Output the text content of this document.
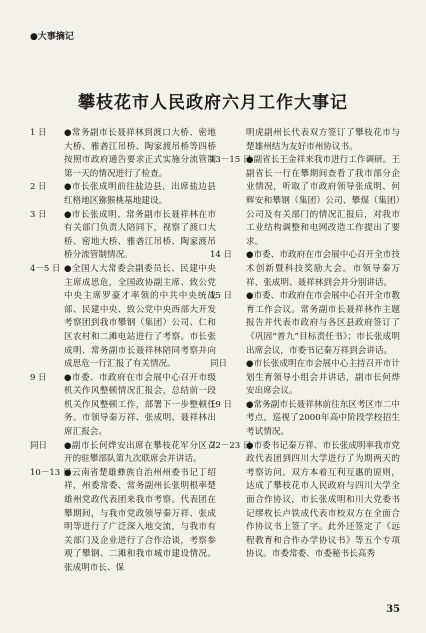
●大事摘记
攀枝花市人民政府六月工作大事记
1 日	●常务副市长聂祥林到渡口大桥、密地大桥、雅砻江吊桥、陶家渡吊桥等四桥按照市政府通告要求正式实施分流管制第一天的情况进行了检查。
2 日	●市长张成明前往盐边县，出席盐边县红格地区猕猴桃基地建设。
3 日	●市长张成明、常务副市长聂祥林在市有关部门负责人陪同下，视察了渡口大桥、密地大桥、雅砻江吊桥、陶家渡吊桥分流管制情况。
4－5 日 ●全国人大常委会副委员长、民建中央主席成思危，全国政协副主席、致公党中央主席罗豪才率领的中共中央统战部、民建中央、致公党中央西部大开发考察团到我市攀钢（集团）公司、仁和区农村和二滩电站进行了考察。市长张成明、常务副市长聂祥林陪同考察并向成思危一行汇报了有关情况。
9 日	●市委、市政府在市会展中心召开市级机关作风整顿情况汇报会，总结前一段机关作风整顿工作，部署下一步整顿任务。市领导秦万祥、张成明、聂祥林出席汇报会。
同日	●副市长何烨安出席在攀枝花军分区召开的驻攀部队第九次联席会并讲话。
10－13 日
●云南省楚雄彝族自治州州委书记丁绍祥，州委常委、常务副州长张明根率楚雄州党政代表团来我市考察。代表团在攀期间，与我市党政领导秦万祥、张成明等进行了广泛深入地交流，与我市有关部门及企业进行了合作洽谈，考察参观了攀钢、二滩和我市城市建设情况。张成明市长、保
明虎副州长代表双方签订了攀枝花市与楚雄州结为友好市州协议书。
13－15 日
●副省长王金祥来我市进行工作调研。王副省长一行在攀期间查看了我市部分企业情况，听取了市政府领导张成明、何辉安和攀钢（集团）公司、攀煤（集团）公司及有关部门的情况汇报后，对我市工业结构调整和电网改造工作提出了要求。
14 日	●市委、市政府在市会展中心召开全市技术创新暨科技奖励大会。市领导秦万祥、张成明、聂祥林到会并分别讲话。
15 日	●市委、市政府在市会展中心召开全市教育工作会议。常务副市长聂祥林作主题报告并代表市政府与各区县政府签订了《巩固“普九”目标责任书》；市长张成明出席会议，市委书记秦万祥到会讲话。
同日	●市长张成明在市会展中心主持召开市计划生育领导小组会并讲话，副市长何烨安出席会议。
19 日	●常务副市长聂祥林前往东区考区市二中考点，巡视了2000年高中阶段学校招生考试情况。
22－23 日
●市委书记秦万祥、市长张成明率我市党政代表团到四川大学进行了为期两天的考察访问。双方本着互利互惠的原则，达成了攀枝花市人民政府与四川大学全面合作协议，市长张成明和川大党委书记缪枚长卢铁成代表市校双方在全面合作协议书上签了字。此外还签定了《远程教育和合作办学协议书》等五个专项协议。市委常委、市委秘书长高秀
35
